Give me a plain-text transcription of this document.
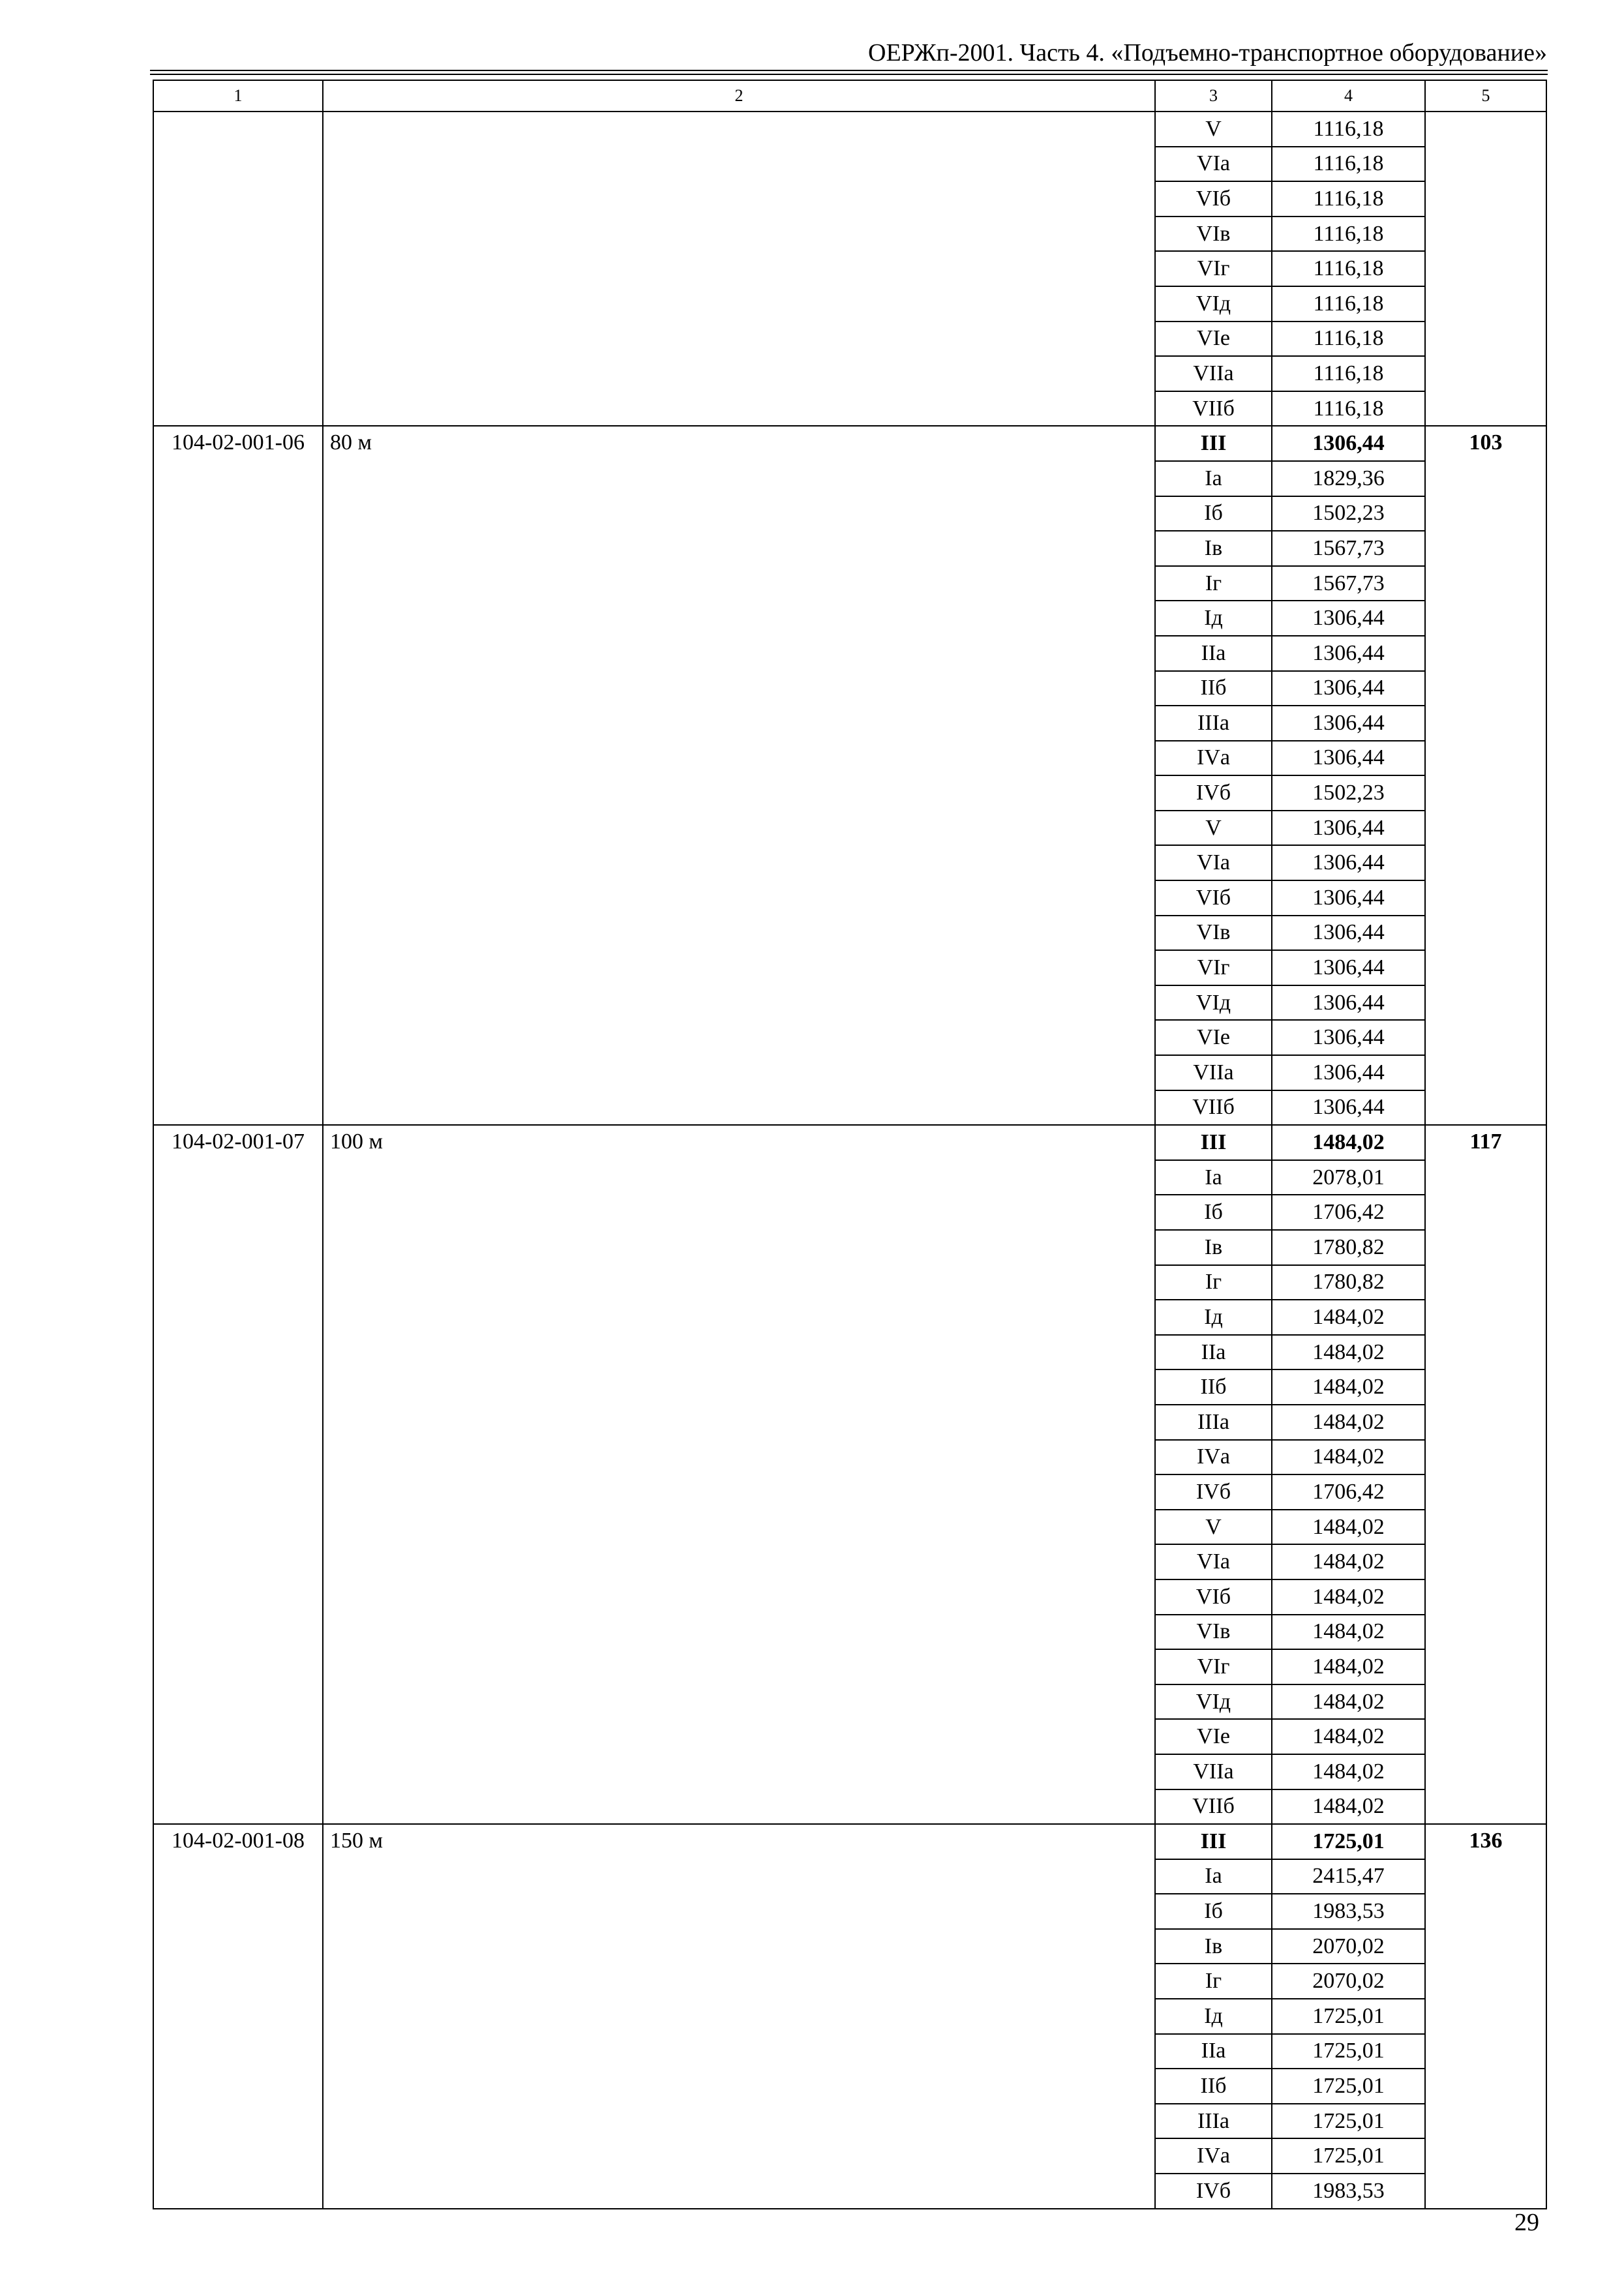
ОЕРЖп-2001. Часть 4. «Подъемно-транспортное оборудование»
1	2	3	4	5
		V	1116,18	
		VIа	1116,18	
		VIб	1116,18	
		VIв	1116,18	
		VIг	1116,18	
		VIд	1116,18	
		VIе	1116,18	
		VIIа	1116,18	
		VIIб	1116,18	
104-02-001-06	80 м	III	1306,44	103
		Iа	1829,36	
		Iб	1502,23	
		Iв	1567,73	
		Iг	1567,73	
		Iд	1306,44	
		IIа	1306,44	
		IIб	1306,44	
		IIIа	1306,44	
		IVа	1306,44	
		IVб	1502,23	
		V	1306,44	
		VIа	1306,44	
		VIб	1306,44	
		VIв	1306,44	
		VIг	1306,44	
		VIд	1306,44	
		VIе	1306,44	
		VIIа	1306,44	
		VIIб	1306,44	
104-02-001-07	100 м	III	1484,02	117
		Iа	2078,01	
		Iб	1706,42	
		Iв	1780,82	
		Iг	1780,82	
		Iд	1484,02	
		IIа	1484,02	
		IIб	1484,02	
		IIIа	1484,02	
		IVа	1484,02	
		IVб	1706,42	
		V	1484,02	
		VIа	1484,02	
		VIб	1484,02	
		VIв	1484,02	
		VIг	1484,02	
		VIд	1484,02	
		VIе	1484,02	
		VIIа	1484,02	
		VIIб	1484,02	
104-02-001-08	150 м	III	1725,01	136
		Iа	2415,47	
		Iб	1983,53	
		Iв	2070,02	
		Iг	2070,02	
		Iд	1725,01	
		IIа	1725,01	
		IIб	1725,01	
		IIIа	1725,01	
		IVа	1725,01	
		IVб	1983,53	
29
